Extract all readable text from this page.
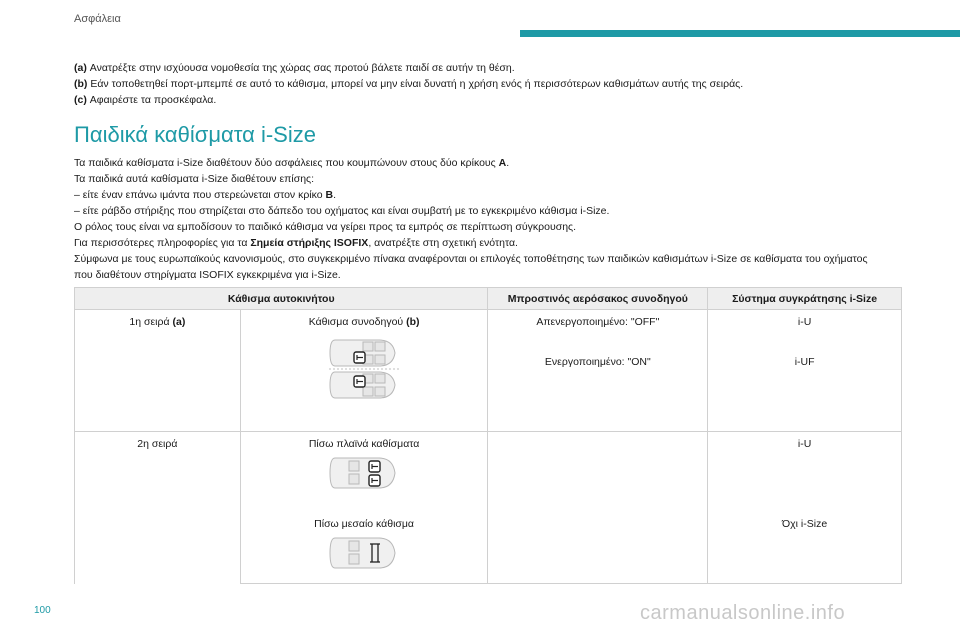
Ασφάλεια
(a) Ανατρέξτε στην ισχύουσα νομοθεσία της χώρας σας προτού βάλετε παιδί σε αυτήν τη θέση.
(b) Εάν τοποθετηθεί πορτ-μπεμπέ σε αυτό το κάθισμα, μπορεί να μην είναι δυνατή η χρήση ενός ή περισσότερων καθισμάτων αυτής της σειράς.
(c) Αφαιρέστε τα προσκέφαλα.
Παιδικά καθίσματα i-Size
Τα παιδικά καθίσματα i-Size διαθέτουν δύο ασφάλειες που κουμπώνουν στους δύο κρίκους A.
Τα παιδικά αυτά καθίσματα i-Size διαθέτουν επίσης:
– είτε έναν επάνω ιμάντα που στερεώνεται στον κρίκο B.
– είτε ράβδο στήριξης που στηρίζεται στο δάπεδο του οχήματος και είναι συμβατή με το εγκεκριμένο κάθισμα i-Size.
Ο ρόλος τους είναι να εμποδίσουν το παιδικό κάθισμα να γείρει προς τα εμπρός σε περίπτωση σύγκρουσης.
Για περισσότερες πληροφορίες για τα Σημεία στήριξης ISOFIX, ανατρέξτε στη σχετική ενότητα.
Σύμφωνα με τους ευρωπαϊκούς κανονισμούς, στο συγκεκριμένο πίνακα αναφέρονται οι επιλογές τοποθέτησης των παιδικών καθισμάτων i-Size σε καθίσματα του οχήματος
που διαθέτουν στηρίγματα ISOFIX εγκεκριμένα για i-Size.
Κάθισμα αυτοκινήτου		Μπροστινός αερόσακος συνοδηγού	Σύστημα συγκράτησης i-Size
1η σειρά (a)	Κάθισμα συνοδηγού (b)	Απενεργοποιημένο: "OFF"	i-U
		Ενεργοποιημένο: "ON"	i-UF
2η σειρά	Πίσω πλαϊνά καθίσματα		i-U

	Πίσω μεσαίο κάθισμα		Όχι i-Size
100	carmanualsonline.info
